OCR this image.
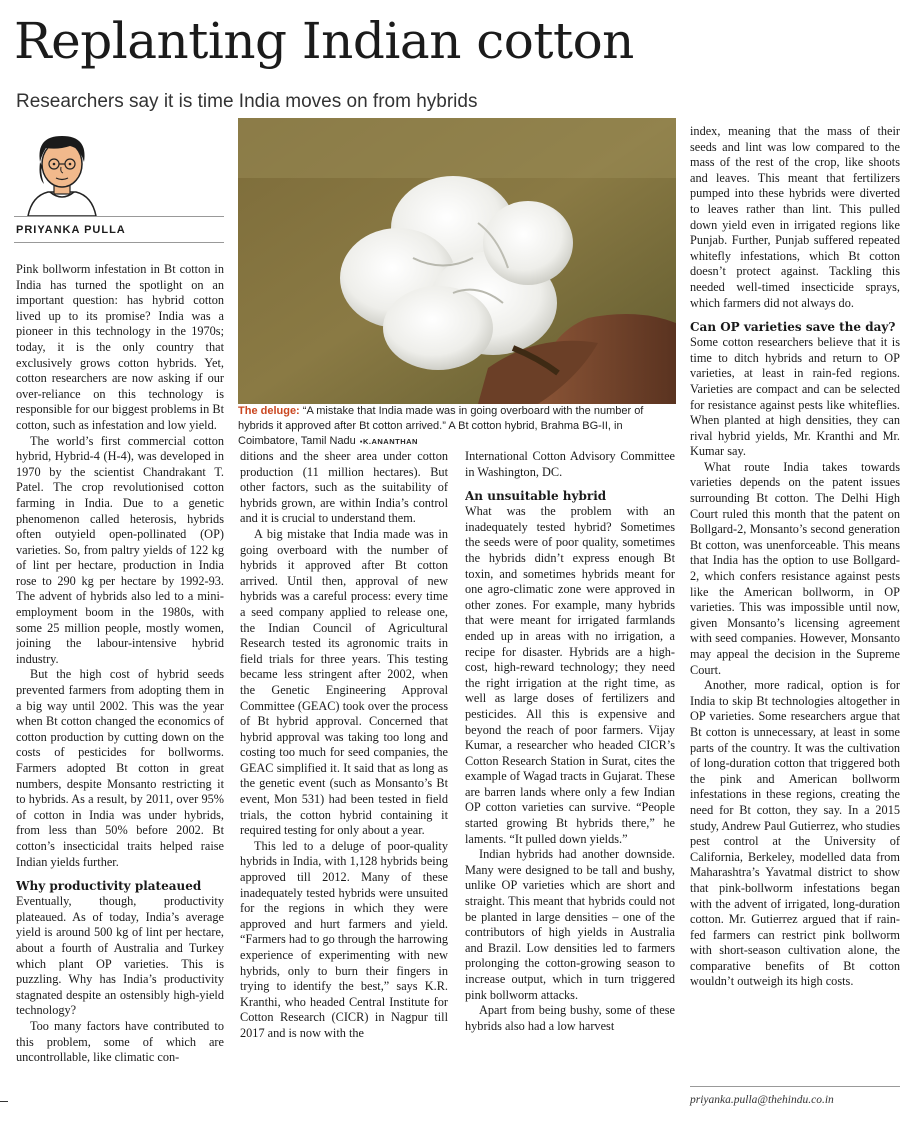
Replanting Indian cotton
Researchers say it is time India moves on from hybrids
PRIYANKA PULLA
The deluge: “A mistake that India made was in going overboard with the number of hybrids it approved after Bt cotton arrived.” A Bt cotton hybrid, Brahma BG-II, in Coimbatore, Tamil Nadu ▪K.ANANTHAN

Pink bollworm infestation in Bt cotton in India has turned the spotlight on an important question: has hybrid cotton lived up to its promise? India was a pioneer in this technology in the 1970s; today, it is the only country that exclusively grows cotton hybrids. Yet, cotton researchers are now asking if our over-reliance on this technology is responsible for our biggest problems in Bt cotton, such as infestation and low yield.

The world’s first commercial cotton hybrid, Hybrid-4 (H-4), was developed in 1970 by the scientist Chandrakant T. Patel. The crop revolutionised cotton farming in India. Due to a genetic phenomenon called heterosis, hybrids often outyield open-pollinated (OP) varieties. So, from paltry yields of 122 kg of lint per hectare, production in India rose to 290 kg per hectare by 1992-93. The advent of hybrids also led to a mini-employment boom in the 1980s, with some 25 million people, mostly women, joining the labour-intensive hybrid industry.

But the high cost of hybrid seeds prevented farmers from adopting them in a big way until 2002. This was the year when Bt cotton changed the economics of cotton production by cutting down on the costs of pesticides for bollworms. Farmers adopted Bt cotton in great numbers, despite Monsanto restricting it to hybrids. As a result, by 2011, over 95% of cotton in India was under hybrids, from less than 50% before 2002. Bt cotton’s insecticidal traits helped raise Indian yields further.

Why productivity plateaued

Eventually, though, productivity plateaued. As of today, India’s average yield is around 500 kg of lint per hectare, about a fourth of Australia and Turkey which plant OP varieties. This is puzzling. Why has India’s productivity stagnated despite an ostensibly high-yield technology?

Too many factors have contributed to this problem, some of which are uncontrollable, like climatic con-

ditions and the sheer area under cotton production (11 million hectares). But other factors, such as the suitability of hybrids grown, are within India’s control and it is crucial to understand them.

A big mistake that India made was in going overboard with the number of hybrids it approved after Bt cotton arrived. Until then, approval of new hybrids was a careful process: every time a seed company applied to release one, the Indian Council of Agricultural Research tested its agronomic traits in field trials for three years. This testing became less stringent after 2002, when the Genetic Engineering Approval Committee (GEAC) took over the process of Bt hybrid approval. Concerned that hybrid approval was taking too long and costing too much for seed companies, the GEAC simplified it. It said that as long as the genetic event (such as Monsanto’s Bt event, Mon 531) had been tested in field trials, the cotton hybrid containing it required testing for only about a year.

This led to a deluge of poor-quality hybrids in India, with 1,128 hybrids being approved till 2012. Many of these inadequately tested hybrids were unsuited for the regions in which they were approved and hurt farmers and yield. “Farmers had to go through the harrowing experience of experimenting with new hybrids, only to burn their fingers in trying to identify the best,” says K.R. Kranthi, who headed Central Institute for Cotton Research (CICR) in Nagpur till 2017 and is now with the

International Cotton Advisory Committee in Washington, DC.

An unsuitable hybrid

What was the problem with an inadequately tested hybrid? Sometimes the seeds were of poor quality, sometimes the hybrids didn’t express enough Bt toxin, and sometimes hybrids meant for one agro-climatic zone were approved in other zones. For example, many hybrids that were meant for irrigated farmlands ended up in areas with no irrigation, a recipe for disaster. Hybrids are a high-cost, high-reward technology; they need the right irrigation at the right time, as well as large doses of fertilizers and pesticides. All this is expensive and beyond the reach of poor farmers. Vijay Kumar, a researcher who headed CICR’s Cotton Research Station in Surat, cites the example of Wagad tracts in Gujarat. These are barren lands where only a few Indian OP cotton varieties can survive. “People started growing Bt hybrids there,” he laments. “It pulled down yields.”

Indian hybrids had another downside. Many were designed to be tall and bushy, unlike OP varieties which are short and straight. This meant that hybrids could not be planted in large densities – one of the contributors of high yields in Australia and Brazil. Low densities led to farmers prolonging the cotton-growing season to increase output, which in turn triggered pink bollworm attacks.

Apart from being bushy, some of these hybrids also had a low harvest

index, meaning that the mass of their seeds and lint was low compared to the mass of the rest of the crop, like shoots and leaves. This meant that fertilizers pumped into these hybrids were diverted to leaves rather than lint. This pulled down yield even in irrigated regions like Punjab. Further, Punjab suffered repeated whitefly infestations, which Bt cotton doesn’t protect against. Tackling this needed well-timed insecticide sprays, which farmers did not always do.

Can OP varieties save the day?

Some cotton researchers believe that it is time to ditch hybrids and return to OP varieties, at least in rain-fed regions. Varieties are compact and can be selected for resistance against pests like whiteflies. When planted at high densities, they can rival hybrid yields, Mr. Kranthi and Mr. Kumar say.

What route India takes towards varieties depends on the patent issues surrounding Bt cotton. The Delhi High Court ruled this month that the patent on Bollgard-2, Monsanto’s second generation Bt cotton, was unenforceable. This means that India has the option to use Bollgard-2, which confers resistance against pests like the American bollworm, in OP varieties. This was impossible until now, given Monsanto’s licensing agreement with seed companies. However, Monsanto may appeal the decision in the Supreme Court.

Another, more radical, option is for India to skip Bt technologies altogether in OP varieties. Some researchers argue that Bt cotton is unnecessary, at least in some parts of the country. It was the cultivation of long-duration cotton that triggered both the pink and American bollworm infestations in these regions, creating the need for Bt cotton, they say. In a 2015 study, Andrew Paul Gutierrez, who studies pest control at the University of California, Berkeley, modelled data from Maharashtra’s Yavatmal district to show that pink-bollworm infestations began with the advent of irrigated, long-duration cotton. Mr. Gutierrez argued that if rain-fed farmers can restrict pink bollworm with short-season cultivation alone, the comparative benefits of Bt cotton wouldn’t outweigh its high costs.

priyanka.pulla@thehindu.co.in
